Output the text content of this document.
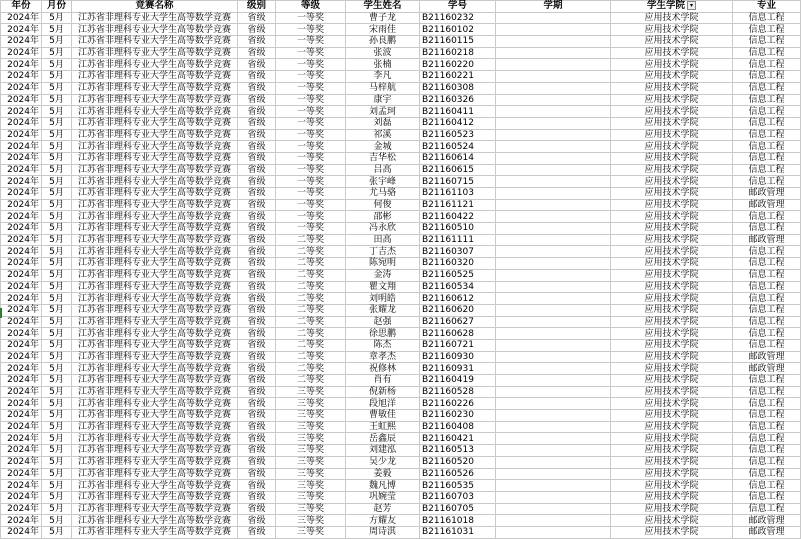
年份	月份	竞赛名称	级别	等级	学生姓名	学号	学期	学生学院 ▾	专业
2024年	5月	江苏省非理科专业大学生高等数学竞赛	省级	一等奖	曹子龙	B21160232		应用技术学院	信息工程
2024年	5月	江苏省非理科专业大学生高等数学竞赛	省级	一等奖	宋雨佳	B21160102		应用技术学院	信息工程
2024年	5月	江苏省非理科专业大学生高等数学竞赛	省级	一等奖	孙良鹏	B21160115		应用技术学院	信息工程
2024年	5月	江苏省非理科专业大学生高等数学竞赛	省级	一等奖	张波	B21160218		应用技术学院	信息工程
2024年	5月	江苏省非理科专业大学生高等数学竞赛	省级	一等奖	张楠	B21160220		应用技术学院	信息工程
2024年	5月	江苏省非理科专业大学生高等数学竞赛	省级	一等奖	李凡	B21160221		应用技术学院	信息工程
2024年	5月	江苏省非理科专业大学生高等数学竞赛	省级	一等奖	马梓航	B21160308		应用技术学院	信息工程
2024年	5月	江苏省非理科专业大学生高等数学竞赛	省级	一等奖	康宇	B21160326		应用技术学院	信息工程
2024年	5月	江苏省非理科专业大学生高等数学竞赛	省级	一等奖	刘孟珂	B21160411		应用技术学院	信息工程
2024年	5月	江苏省非理科专业大学生高等数学竞赛	省级	一等奖	刘磊	B21160412		应用技术学院	信息工程
2024年	5月	江苏省非理科专业大学生高等数学竞赛	省级	一等奖	祁溪	B21160523		应用技术学院	信息工程
2024年	5月	江苏省非理科专业大学生高等数学竞赛	省级	一等奖	金城	B21160524		应用技术学院	信息工程
2024年	5月	江苏省非理科专业大学生高等数学竞赛	省级	一等奖	吉华松	B21160614		应用技术学院	信息工程
2024年	5月	江苏省非理科专业大学生高等数学竞赛	省级	一等奖	吕高	B21160615		应用技术学院	信息工程
2024年	5月	江苏省非理科专业大学生高等数学竞赛	省级	一等奖	张宇峰	B21160715		应用技术学院	信息工程
2024年	5月	江苏省非理科专业大学生高等数学竞赛	省级	一等奖	尤马骆	B21161103		应用技术学院	邮政管理
2024年	5月	江苏省非理科专业大学生高等数学竞赛	省级	一等奖	何俊	B21161121		应用技术学院	邮政管理
2024年	5月	江苏省非理科专业大学生高等数学竞赛	省级	一等奖	邵彬	B21160422		应用技术学院	信息工程
2024年	5月	江苏省非理科专业大学生高等数学竞赛	省级	一等奖	冯永欣	B21160510		应用技术学院	信息工程
2024年	5月	江苏省非理科专业大学生高等数学竞赛	省级	二等奖	田高	B21161111		应用技术学院	邮政管理
2024年	5月	江苏省非理科专业大学生高等数学竞赛	省级	二等奖	丁吉杰	B21160307		应用技术学院	信息工程
2024年	5月	江苏省非理科专业大学生高等数学竞赛	省级	二等奖	陈宛明	B21160320		应用技术学院	信息工程
2024年	5月	江苏省非理科专业大学生高等数学竞赛	省级	二等奖	金涛	B21160525		应用技术学院	信息工程
2024年	5月	江苏省非理科专业大学生高等数学竞赛	省级	二等奖	瞿文翔	B21160534		应用技术学院	信息工程
2024年	5月	江苏省非理科专业大学生高等数学竞赛	省级	二等奖	刘明皓	B21160612		应用技术学院	信息工程
2024年	5月	江苏省非理科专业大学生高等数学竞赛	省级	二等奖	张耀龙	B21160620		应用技术学院	信息工程
2024年	5月	江苏省非理科专业大学生高等数学竞赛	省级	二等奖	赵强	B21160627		应用技术学院	信息工程
2024年	5月	江苏省非理科专业大学生高等数学竞赛	省级	二等奖	徐思鹏	B21160628		应用技术学院	信息工程
2024年	5月	江苏省非理科专业大学生高等数学竞赛	省级	二等奖	陈杰	B21160721		应用技术学院	信息工程
2024年	5月	江苏省非理科专业大学生高等数学竞赛	省级	二等奖	章孝杰	B21160930		应用技术学院	邮政管理
2024年	5月	江苏省非理科专业大学生高等数学竞赛	省级	二等奖	祝修林	B21160931		应用技术学院	邮政管理
2024年	5月	江苏省非理科专业大学生高等数学竞赛	省级	二等奖	肖有	B21160419		应用技术学院	信息工程
2024年	5月	江苏省非理科专业大学生高等数学竞赛	省级	三等奖	倪新杨	B21160528		应用技术学院	信息工程
2024年	5月	江苏省非理科专业大学生高等数学竞赛	省级	三等奖	段旭洋	B21160226		应用技术学院	信息工程
2024年	5月	江苏省非理科专业大学生高等数学竞赛	省级	三等奖	曹敏佳	B21160230		应用技术学院	信息工程
2024年	5月	江苏省非理科专业大学生高等数学竞赛	省级	三等奖	王虹熙	B21160408		应用技术学院	信息工程
2024年	5月	江苏省非理科专业大学生高等数学竞赛	省级	三等奖	岳鑫辰	B21160421		应用技术学院	信息工程
2024年	5月	江苏省非理科专业大学生高等数学竞赛	省级	三等奖	刘建泓	B21160513		应用技术学院	信息工程
2024年	5月	江苏省非理科专业大学生高等数学竞赛	省级	三等奖	吴少龙	B21160520		应用技术学院	信息工程
2024年	5月	江苏省非理科专业大学生高等数学竞赛	省级	三等奖	姜毅	B21160526		应用技术学院	信息工程
2024年	5月	江苏省非理科专业大学生高等数学竞赛	省级	三等奖	魏凡博	B21160535		应用技术学院	信息工程
2024年	5月	江苏省非理科专业大学生高等数学竞赛	省级	三等奖	巩婉莹	B21160703		应用技术学院	信息工程
2024年	5月	江苏省非理科专业大学生高等数学竞赛	省级	三等奖	赵芳	B21160705		应用技术学院	信息工程
2024年	5月	江苏省非理科专业大学生高等数学竞赛	省级	三等奖	方耀友	B21161018		应用技术学院	邮政管理
2024年	5月	江苏省非理科专业大学生高等数学竞赛	省级	三等奖	周诗淇	B21161031		应用技术学院	邮政管理
